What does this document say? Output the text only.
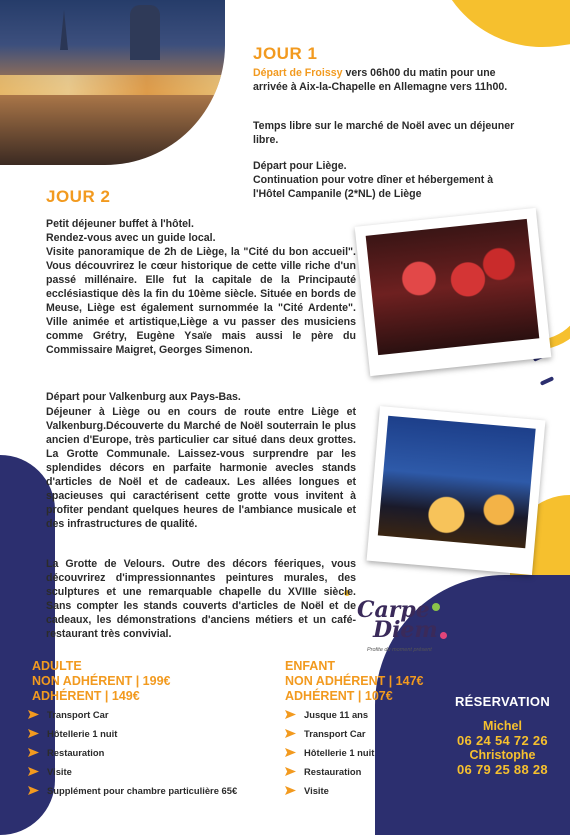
JOUR 1

Départ de Froissy vers 06h00 du matin pour une arrivée à Aix-la-Chapelle en Allemagne vers 11h00.

Temps libre sur le marché de Noël avec un déjeuner libre.

Départ pour Liège.

Continuation pour votre dîner et hébergement à l'Hôtel Campanile (2*NL) de Liège

JOUR 2

Petit déjeuner buffet à l'hôtel.

Rendez-vous avec un guide local.

Visite panoramique de 2h de Liège, la "Cité du bon accueil". Vous découvrirez le cœur historique de cette ville riche d'un passé millénaire. Elle fut la capitale de la Principauté ecclésiastique dès la fin du 10ème siècle. Située en bords de Meuse, Liège est également surnommée la "Cité Ardente". Ville animée et artistique,Liège a vu passer des musiciens comme Grétry, Eugène Ysaïe mais aussi le père du Commissaire Maigret, Georges Simenon.

Départ pour Valkenburg aux Pays-Bas.

Déjeuner à Liège ou en cours de route entre Liège et Valkenburg.Découverte du Marché de Noël souterrain le plus ancien d'Europe, très particulier car situé dans deux grottes. La Grotte Communale. Laissez-vous surprendre par les splendides décors en parfaite harmonie avecles stands d'articles de Noël et de cadeaux. Les allées longues et spacieuses qui caractérisent cette grotte vous invitent à profiter pendant quelques heures de l'ambiance musicale et des infrastructures de qualité.

La Grotte de Velours. Outre des décors féeriques, vous découvrirez d'impressionnantes peintures murales, des sculptures et une remarquable chapelle du XVIIIe siècle. Sans compter les stands couverts d'articles de Noël et de cadeaux, les démonstrations d'anciens métiers et un café- restaurant très convivial.

Carpe
Diem
Profite du moment présent
ADULTE
NON ADHÉRENT | 199€
ADHÉRENT | 149€
Transport Car
Hôtellerie 1 nuit
Restauration
Visite
Supplément pour chambre particulière 65€
ENFANT
NON ADHÉRENT | 147€
ADHÉRENT | 107€
Jusque 11 ans
Transport Car
Hôtellerie 1 nuit
Restauration
Visite
RÉSERVATION
Michel
06 24 54 72 26
Christophe
06 79 25 88 28
